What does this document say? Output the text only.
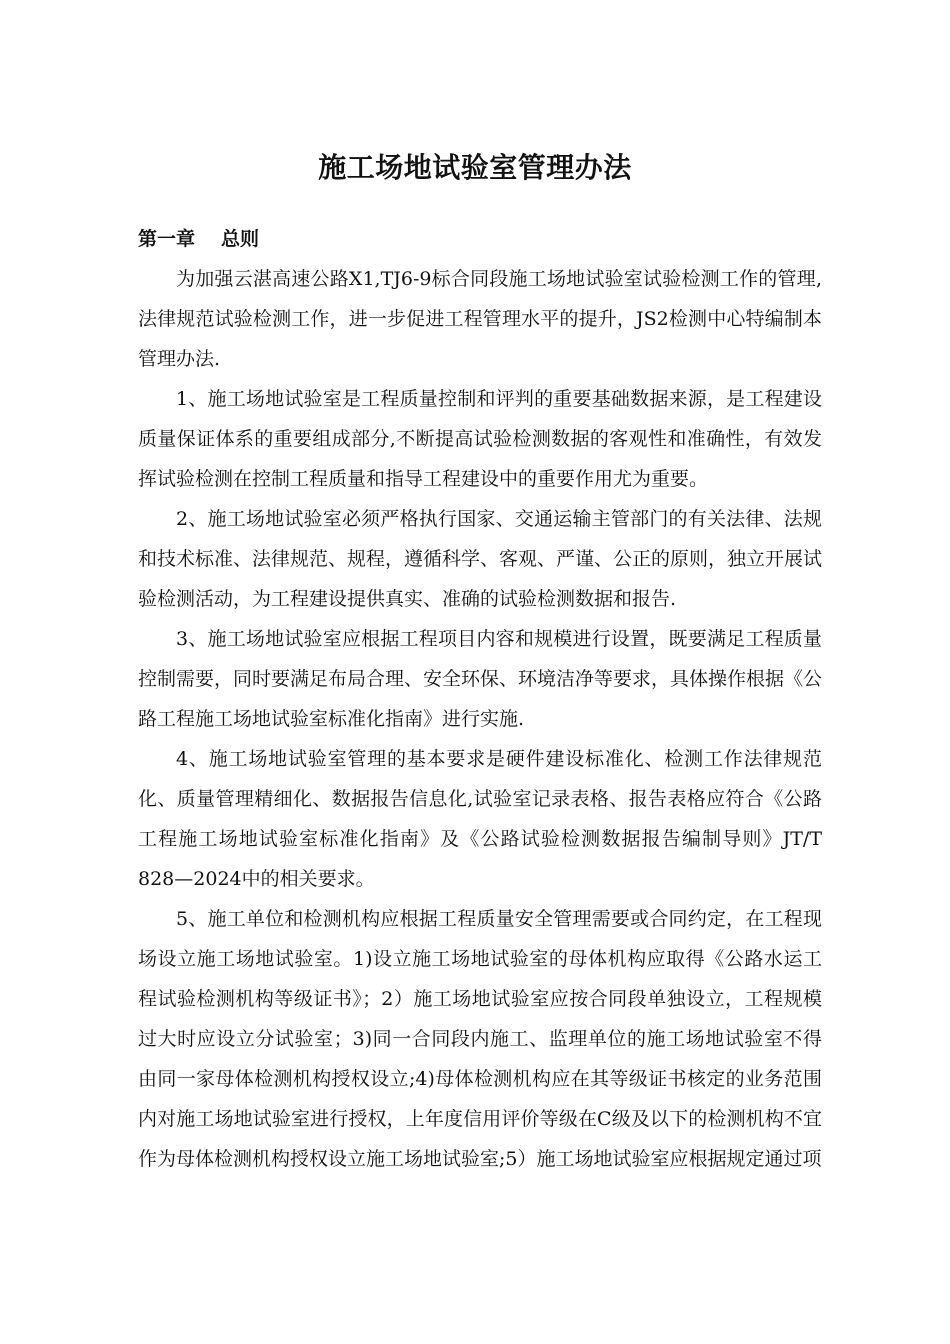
施工场地试验室管理办法
第一章 总则

为加强云湛高速公路X1,TJ6-9标合同段施工场地试验室试验检测工作的管理,法律规范试验检测工作，进一步促进工程管理水平的提升，JS2检测中心特编制本管理办法.

1、施工场地试验室是工程质量控制和评判的重要基础数据来源，是工程建设质量保证体系的重要组成部分,不断提高试验检测数据的客观性和准确性，有效发挥试验检测在控制工程质量和指导工程建设中的重要作用尤为重要。

2、施工场地试验室必须严格执行国家、交通运输主管部门的有关法律、法规和技术标准、法律规范、规程，遵循科学、客观、严谨、公正的原则，独立开展试验检测活动，为工程建设提供真实、准确的试验检测数据和报告.

3、施工场地试验室应根据工程项目内容和规模进行设置，既要满足工程质量控制需要，同时要满足布局合理、安全环保、环境洁净等要求，具体操作根据《公路工程施工场地试验室标准化指南》进行实施.

4、施工场地试验室管理的基本要求是硬件建设标准化、检测工作法律规范化、质量管理精细化、数据报告信息化,试验室记录表格、报告表格应符合《公路工程施工场地试验室标准化指南》及《公路试验检测数据报告编制导则》JT/T 828—2024中的相关要求。

5、施工单位和检测机构应根据工程质量安全管理需要或合同约定，在工程现场设立施工场地试验室。1)设立施工场地试验室的母体机构应取得《公路水运工程试验检测机构等级证书》；2）施工场地试验室应按合同段单独设立，工程规模过大时应设立分试验室；3)同一合同段内施工、监理单位的施工场地试验室不得由同一家母体检测机构授权设立;4)母体检测机构应在其等级证书核定的业务范围内对施工场地试验室进行授权，上年度信用评价等级在C级及以下的检测机构不宜作为母体检测机构授权设立施工场地试验室;5）施工场地试验室应根据规定通过项
